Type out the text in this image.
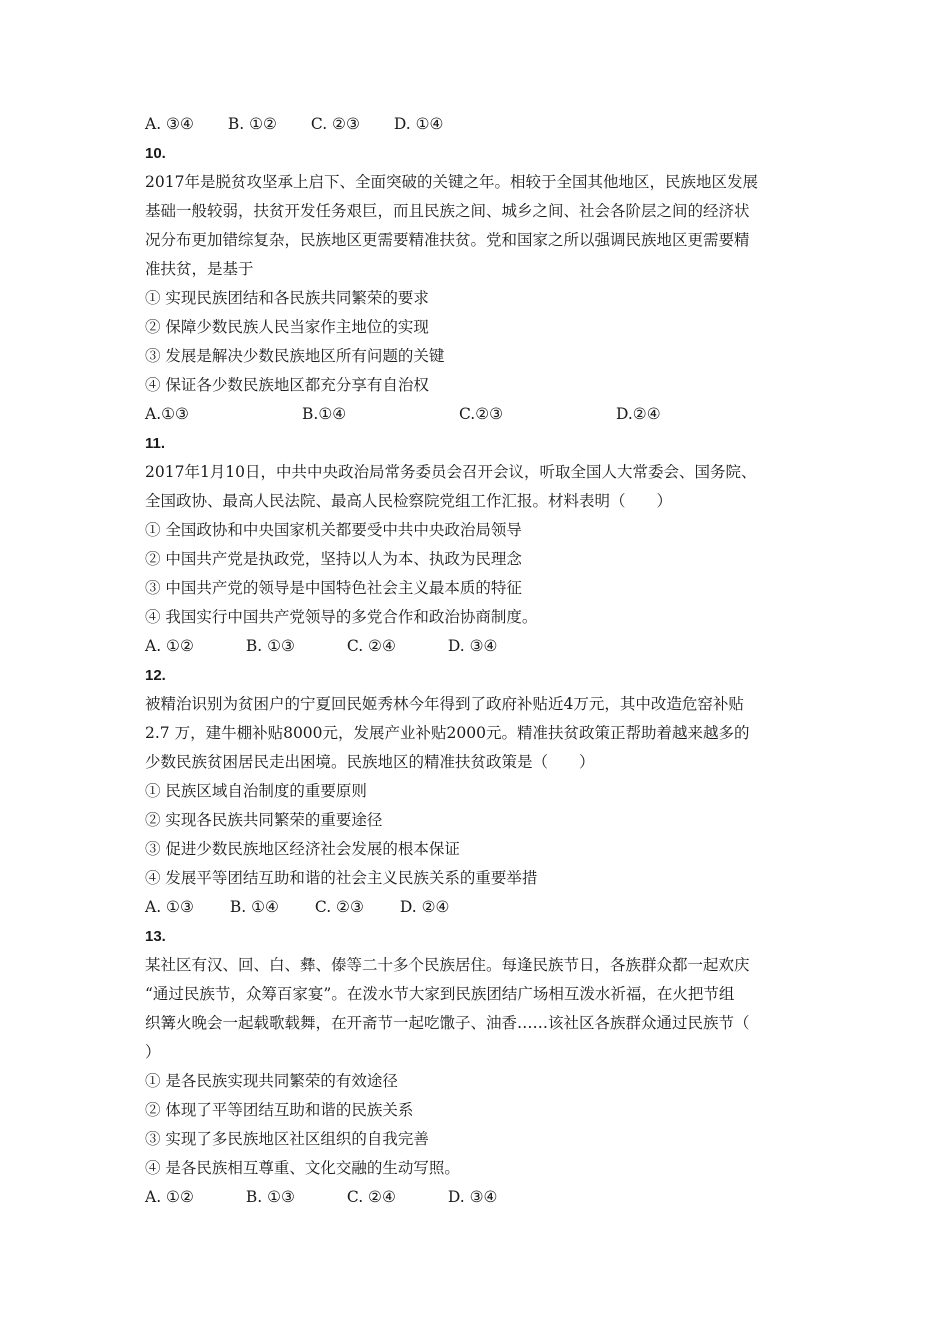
A. ③④ B. ①② C. ②③ D. ①④
10.
2017年是脱贫攻坚承上启下、全面突破的关键之年。相较于全国其他地区，民族地区发展
基础一般较弱，扶贫开发任务艰巨，而且民族之间、城乡之间、社会各阶层之间的经济状
况分布更加错综复杂，民族地区更需要精准扶贫。党和国家之所以强调民族地区更需要精
准扶贫，是基于
① 实现民族团结和各民族共同繁荣的要求
② 保障少数民族人民当家作主地位的实现
③ 发展是解决少数民族地区所有问题的关键
④ 保证各少数民族地区都充分享有自治权
A.①③	B.①④	C.②③	D.②④
11.
2017年1月10日，中共中央政治局常务委员会召开会议，听取全国人大常委会、国务院、
全国政协、最高人民法院、最高人民检察院党组工作汇报。材料表明（　　）
① 全国政协和中央国家机关都要受中共中央政治局领导
② 中国共产党是执政党，坚持以人为本、执政为民理念
③ 中国共产党的领导是中国特色社会主义最本质的特征
④ 我国实行中国共产党领导的多党合作和政治协商制度。
A. ①②	B. ①③	C. ②④	D. ③④
12.
被精治识别为贫困户的宁夏回民姬秀林今年得到了政府补贴近4万元，其中改造危窑补贴
2.7 万，建牛棚补贴8000元，发展产业补贴2000元。精准扶贫政策正帮助着越来越多的
少数民族贫困居民走出困境。民族地区的精准扶贫政策是（　　）
① 民族区域自治制度的重要原则
② 实现各民族共同繁荣的重要途径
③ 促进少数民族地区经济社会发展的根本保证
④ 发展平等团结互助和谐的社会主义民族关系的重要举措
A. ①③ B. ①④ C. ②③ D. ②④
13.
某社区有汉、回、白、彝、傣等二十多个民族居住。每逢民族节日，各族群众都一起欢庆
“通过民族节，众筹百家宴”。在泼水节大家到民族团结广场相互泼水祈福，在火把节组
织篝火晚会一起载歌载舞，在开斋节一起吃馓子、油香……该社区各族群众通过民族节（
）
① 是各民族实现共同繁荣的有效途径
② 体现了平等团结互助和谐的民族关系
③ 实现了多民族地区社区组织的自我完善
④ 是各民族相互尊重、文化交融的生动写照。
A. ①②	B. ①③	C. ②④	D. ③④
